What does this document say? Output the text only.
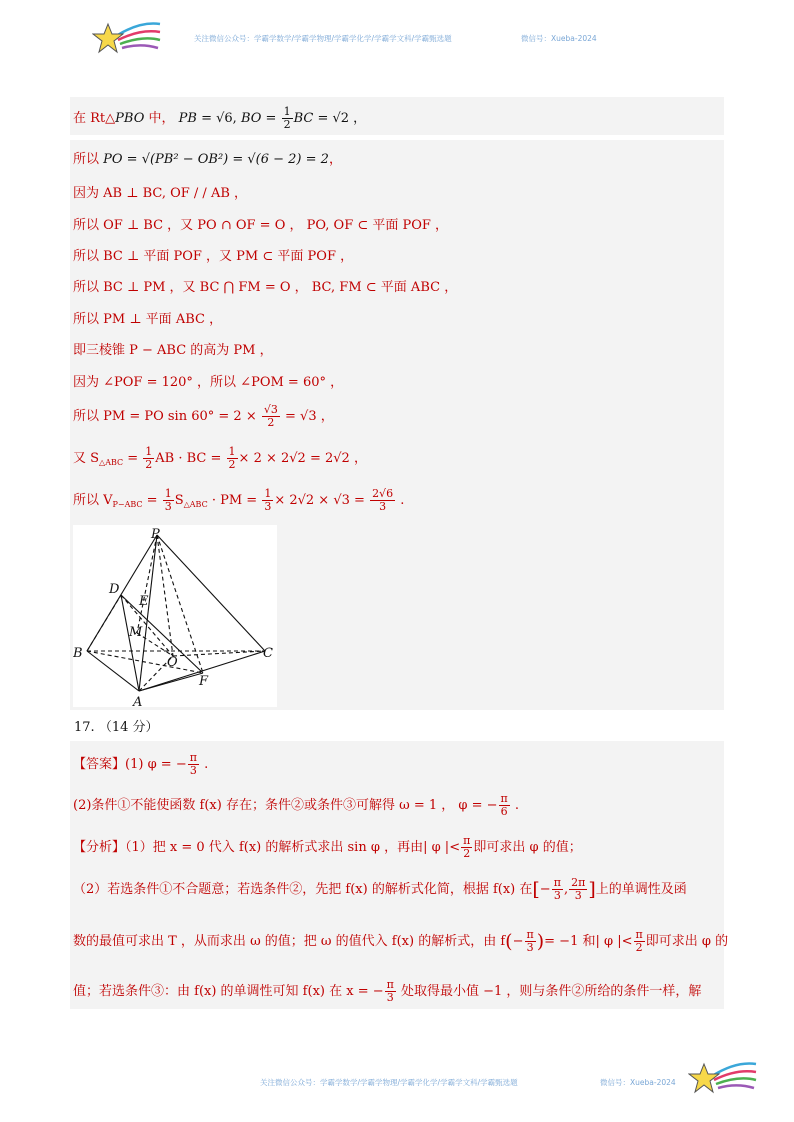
关注微信公众号：学霸学数学/学霸学物理/学霸学化学/学霸学文科/学霸甄选题	微信号：Xueba-2024
在 Rt△PBO 中， PB = √6, BO = $\frac{1}{2}$ BC = √2 ，
所以 PO = √(PB² − OB²) = √(6 − 2) = 2，
因为 AB ⊥ BC, OF / / AB ，
所以 OF ⊥ BC ，又 PO ∩ OF = O ， PO, OF ⊂ 平面 POF ，
所以 BC ⊥ 平面 POF ，又 PM ⊂ 平面 POF ，
所以 BC ⊥ PM ，又 BC ⋂ FM = O ， BC, FM ⊂ 平面 ABC ，
所以 PM ⊥ 平面 ABC ，
即三棱锥 P − ABC 的高为 PM ，
因为 ∠POF = 120° ，所以 ∠POM = 60° ，
所以 PM = PO $\sin 60^\circ = 2 \times \frac{√3}{2} = √3$ ，
又 $S_{\triangle ABC} = \frac{1}{2}$ AB · BC = $\frac{1}{2} \times 2 \times 2√2 = 2√2$ ，
所以 $V_{P-ABC} = \frac{1}{3} S_{\triangle ABC}$ · PM = $\frac{1}{3} \times 2√2 \times √3 = \frac{2√6}{3}$ .
P
D
E
M
B
O
C
F
A
17. （14 分）
【答案】(1) φ = − $\frac{\pi}{3}$ .
(2)条件①不能使函数 f(x) 存在；条件②或条件③可解得 ω = 1 ， φ = − $\frac{\pi}{6}$ .
【分析】（1）把 x = 0 代入 f(x) 的解析式求出 sin φ ，再由| φ |< $\frac{\pi}{2}$ 即可求出 φ 的值；
（2）若选条件①不合题意；若选条件②，先把 f(x) 的解析式化简，根据 f(x) 在[− $\frac{\pi}{3}$ , $\frac{2\pi}{3}$ ]上的单调性及函
数的最值可求出 T ，从而求出 ω 的值；把 ω 的值代入 f(x) 的解析式，由 $f(- \frac{\pi}{3}$ )= −1 和| φ |< $\frac{\pi}{2}$ 即可求出 φ 的
值；若选条件③：由 f(x) 的单调性可知 f(x) 在 x = − $\frac{\pi}{3}$ 处取得最小值 −1 ，则与条件②所给的条件一样，解
关注微信公众号：学霸学数学/学霸学物理/学霸学化学/学霸学文科/学霸甄选题	微信号：Xueba-2024
